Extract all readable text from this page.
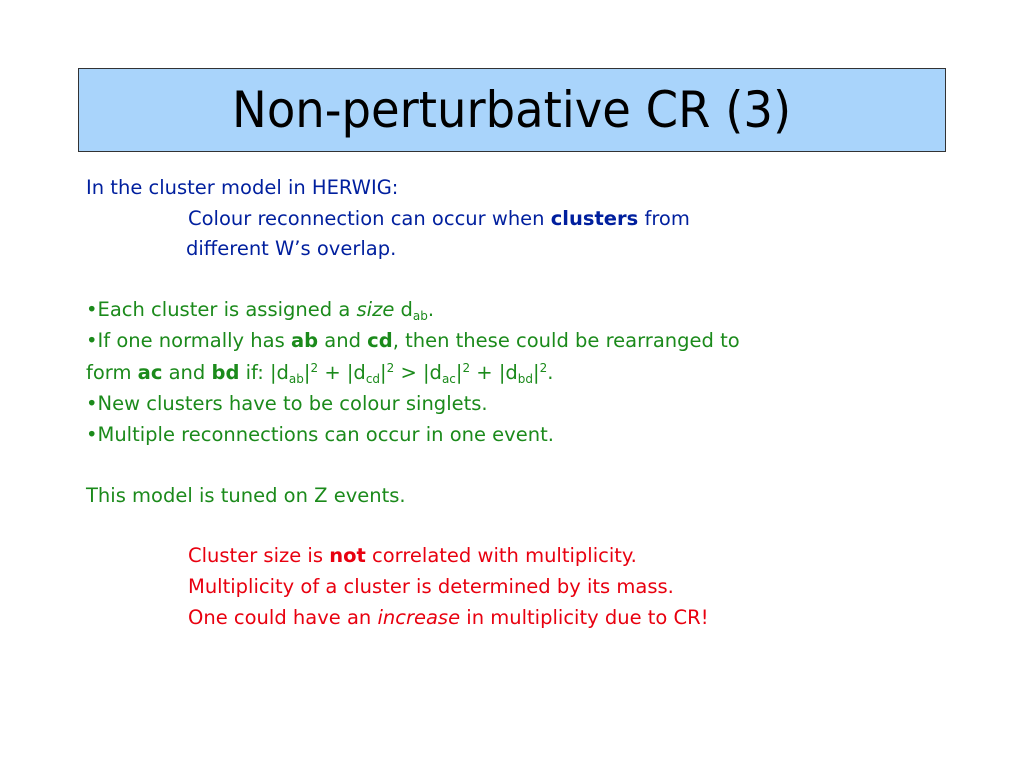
Non-perturbative CR (3)
In the cluster model in HERWIG:
Colour reconnection can occur when clusters from
different W’s overlap.
•Each cluster is assigned a size $d_{ab}$.
•If one normally has ab and cd, then these could be rearranged to
form ac and bd if: $|d_{ab}|^2 + |d_{cd}|^2 > |d_{ac}|^2 + |d_{bd}|^2$.
•New clusters have to be colour singlets.
•Multiple reconnections can occur in one event.
This model is tuned on Z events.
Cluster size is not correlated with multiplicity.
Multiplicity of a cluster is determined by its mass.
One could have an increase in multiplicity due to CR!
